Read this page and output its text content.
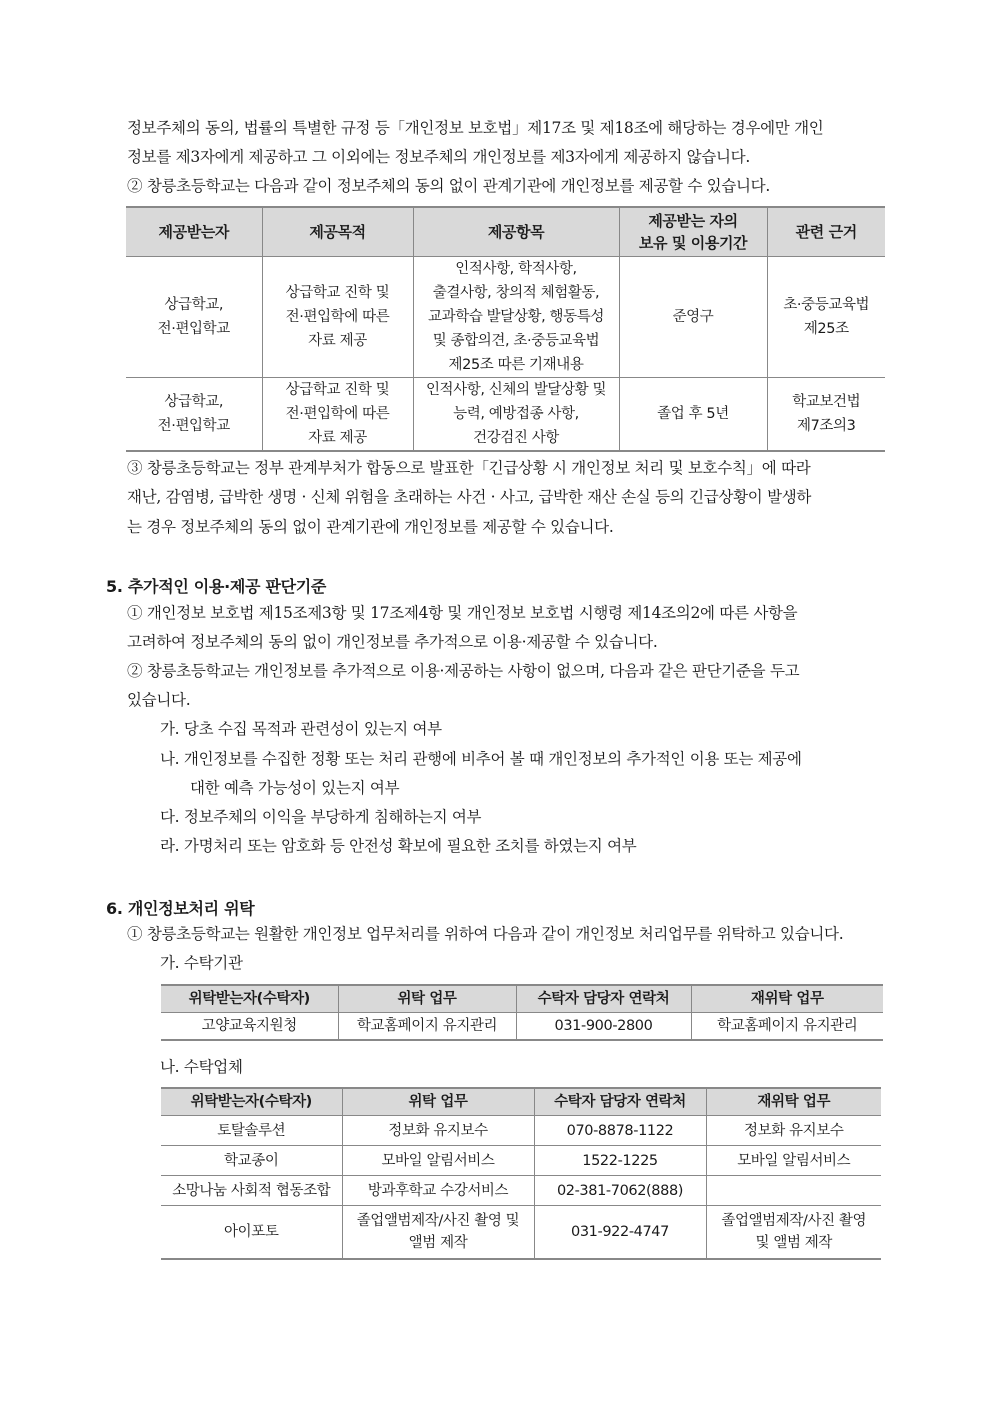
정보주체의 동의, 법률의 특별한 규정 등「개인정보 보호법」제17조 및 제18조에 해당하는 경우에만 개인
정보를 제3자에게 제공하고 그 이외에는 정보주체의 개인정보를 제3자에게 제공하지 않습니다.
② 창릉초등학교는 다음과 같이 정보주체의 동의 없이 관계기관에 개인정보를 제공할 수 있습니다.
제공받는자	제공목적	제공항목	제공받는 자의
보유 및 이용기간	관련 근거

상급학교,
전·편입학교	상급학교 진학 및
전·편입학에 따른
자료 제공	인적사항, 학적사항,
출결사항, 창의적 체험활동,
교과학습 발달상황, 행동특성
및 종합의견, 초·중등교육법
제25조 따른 기재내용	준영구	초·중등교육법
제25조

상급학교,
전·편입학교	상급학교 진학 및
전·편입학에 따른
자료 제공	인적사항, 신체의 발달상황 및
능력, 예방접종 사항,
건강검진 사항	졸업 후 5년	학교보건법
제7조의3
③ 창릉초등학교는 정부 관계부처가 합동으로 발표한「긴급상황 시 개인정보 처리 및 보호수칙」에 따라
재난, 감염병, 급박한 생명 · 신체 위험을 초래하는 사건 · 사고, 급박한 재산 손실 등의 긴급상황이 발생하
는 경우 정보주체의 동의 없이 관계기관에 개인정보를 제공할 수 있습니다.
5. 추가적인 이용·제공 판단기준
① 개인정보 보호법 제15조제3항 및 17조제4항 및 개인정보 보호법 시행령 제14조의2에 따른 사항을
고려하여 정보주체의 동의 없이 개인정보를 추가적으로 이용·제공할 수 있습니다.
② 창릉초등학교는 개인정보를 추가적으로 이용·제공하는 사항이 없으며, 다음과 같은 판단기준을 두고
있습니다.
가. 당초 수집 목적과 관련성이 있는지 여부
나. 개인정보를 수집한 정황 또는 처리 관행에 비추어 볼 때 개인정보의 추가적인 이용 또는 제공에
대한 예측 가능성이 있는지 여부
다. 정보주체의 이익을 부당하게 침해하는지 여부
라. 가명처리 또는 암호화 등 안전성 확보에 필요한 조치를 하였는지 여부
6. 개인정보처리 위탁
① 창릉초등학교는 원활한 개인정보 업무처리를 위하여 다음과 같이 개인정보 처리업무를 위탁하고 있습니다.
가. 수탁기관
위탁받는자(수탁자)	위탁 업무	수탁자 담당자 연락처	재위탁 업무
고양교육지원청	학교홈페이지 유지관리	031-900-2800	학교홈페이지 유지관리
나. 수탁업체
위탁받는자(수탁자)	위탁 업무	수탁자 담당자 연락처	재위탁 업무
토탈솔루션	정보화 유지보수	070-8878-1122	정보화 유지보수
학교종이	모바일 알림서비스	1522-1225	모바일 알림서비스
소망나눔 사회적 협동조합	방과후학교 수강서비스	02-381-7062(888)	
아이포토	졸업앨범제작/사진 촬영 및
앨범 제작	031-922-4747	졸업앨범제작/사진 촬영
및 앨범 제작
